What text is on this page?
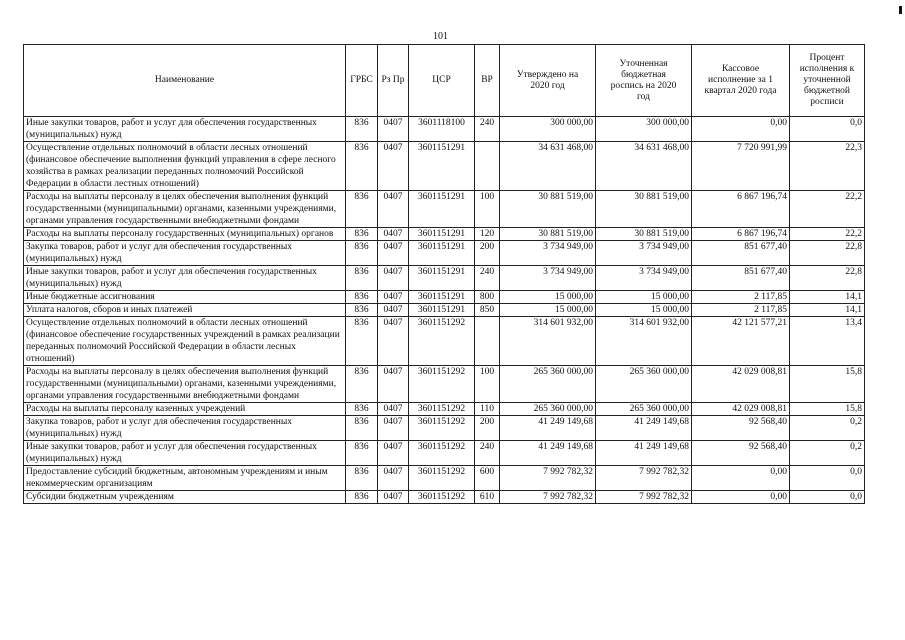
101
Наименование	ГРБС	Рз Пр	ЦСР	ВР	Утверждено на 2020 год	Уточненная бюджетная роспись на 2020 год	Кассовое исполнение за 1 квартал 2020 года	Процент исполнения к уточненной бюджетной росписи
Иные закупки товаров, работ и услуг для обеспечения государственных (муниципальных) нужд	836	0407	3601118100	240	300 000,00	300 000,00	0,00	0,0
Осуществление отдельных полномочий в области лесных отношений (финансовое обеспечение выполнения функций управления в сфере лесного хозяйства в рамках реализации переданных полномочий Российской Федерации в области лестных отношений)	836	0407	3601151291		34 631 468,00	34 631 468,00	7 720 991,99	22,3
Расходы на выплаты персоналу в целях обеспечения выполнения функций государственными (муниципальными) органами, казенными учреждениями, органами управления государственными внебюджетными фондами	836	0407	3601151291	100	30 881 519,00	30 881 519,00	6 867 196,74	22,2
Расходы на выплаты персоналу государственных (муниципальных) органов	836	0407	3601151291	120	30 881 519,00	30 881 519,00	6 867 196,74	22,2
Закупка товаров, работ и услуг для обеспечения государственных (муниципальных) нужд	836	0407	3601151291	200	3 734 949,00	3 734 949,00	851 677,40	22,8
Иные закупки товаров, работ и услуг для обеспечения государственных (муниципальных) нужд	836	0407	3601151291	240	3 734 949,00	3 734 949,00	851 677,40	22,8
Иные бюджетные ассигнования	836	0407	3601151291	800	15 000,00	15 000,00	2 117,85	14,1
Уплата налогов, сборов и иных платежей	836	0407	3601151291	850	15 000,00	15 000,00	2 117,85	14,1
Осуществление отдельных полномочий в области лесных отношений (финансовое обеспечение государственных учреждений в рамках реализации переданных полномочий Российской Федерации в области лесных отношений)	836	0407	3601151292		314 601 932,00	314 601 932,00	42 121 577,21	13,4
Расходы на выплаты персоналу в целях обеспечения выполнения функций государственными (муниципальными) органами, казенными учреждениями, органами управления государственными внебюджетными фондами	836	0407	3601151292	100	265 360 000,00	265 360 000,00	42 029 008,81	15,8
Расходы на выплаты персоналу казенных учреждений	836	0407	3601151292	110	265 360 000,00	265 360 000,00	42 029 008,81	15,8
Закупка товаров, работ и услуг для обеспечения государственных (муниципальных) нужд	836	0407	3601151292	200	41 249 149,68	41 249 149,68	92 568,40	0,2
Иные закупки товаров, работ и услуг для обеспечения государственных (муниципальных) нужд	836	0407	3601151292	240	41 249 149,68	41 249 149,68	92 568,40	0,2
Предоставление субсидий бюджетным, автономным учреждениям и иным некоммерческим организациям	836	0407	3601151292	600	7 992 782,32	7 992 782,32	0,00	0,0
Субсидии бюджетным учреждениям	836	0407	3601151292	610	7 992 782,32	7 992 782,32	0,00	0,0
